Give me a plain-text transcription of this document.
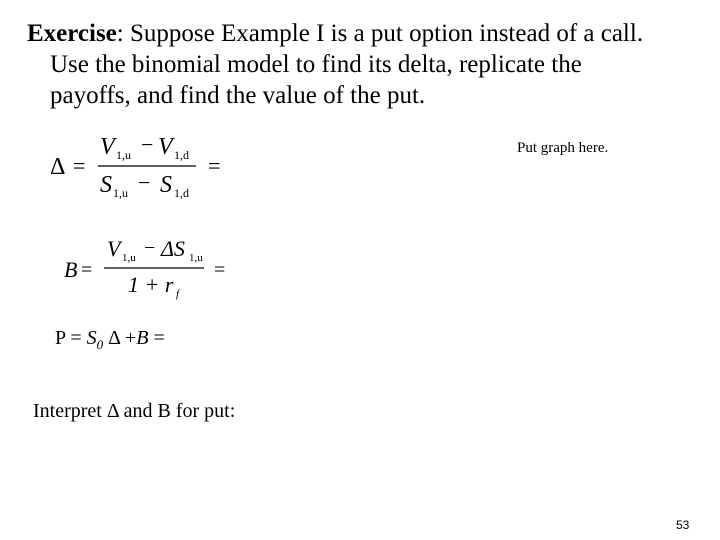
Exercise: Suppose Example I is a put option instead of a call.
Use the binomial model to find its delta, replicate the
payoffs, and find the value of the put.
Put graph here.
Δ =
V 1,u − V 1,d
S 1,u − S 1,d
=
B =
V 1,u − ΔS 1,u
1 + r f
=
$P = S_0$ Δ +B =
Interpret Δ and B for put:
53
